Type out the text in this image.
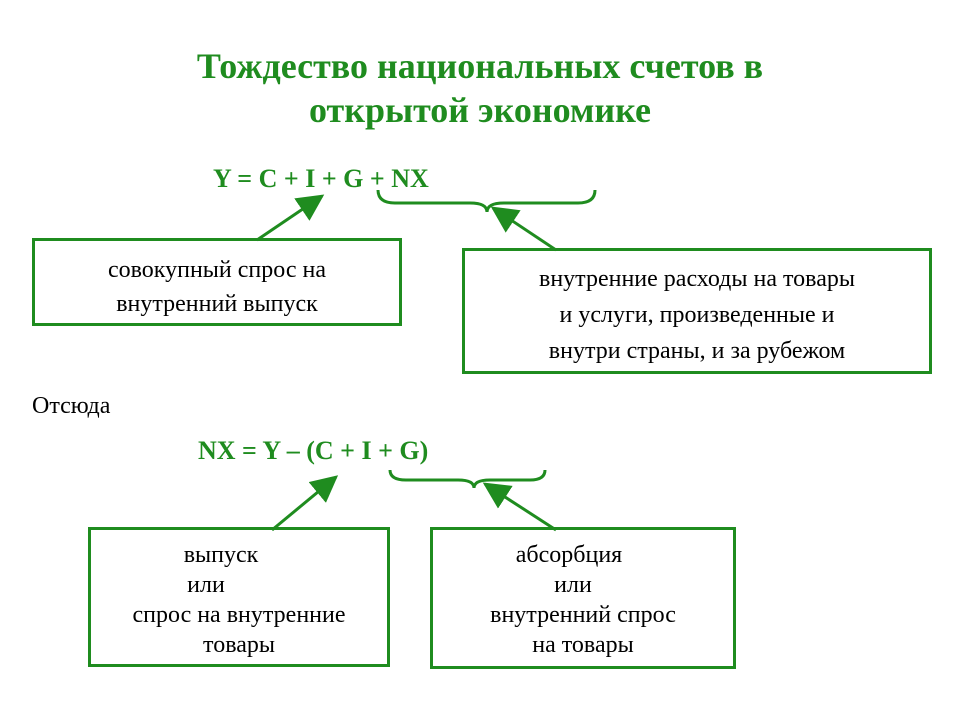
Тождество национальных счетов в
открытой экономике
Y = C + I + G + NX
совокупный спрос на
внутренний выпуск
внутренние расходы на товары
и услуги, произведенные и
внутри страны, и за рубежом
Отсюда
NX = Y – (C + I + G)
выпуск
или
спрос на внутренние
товары
абсорбция
или
внутренний спрос
на товары
